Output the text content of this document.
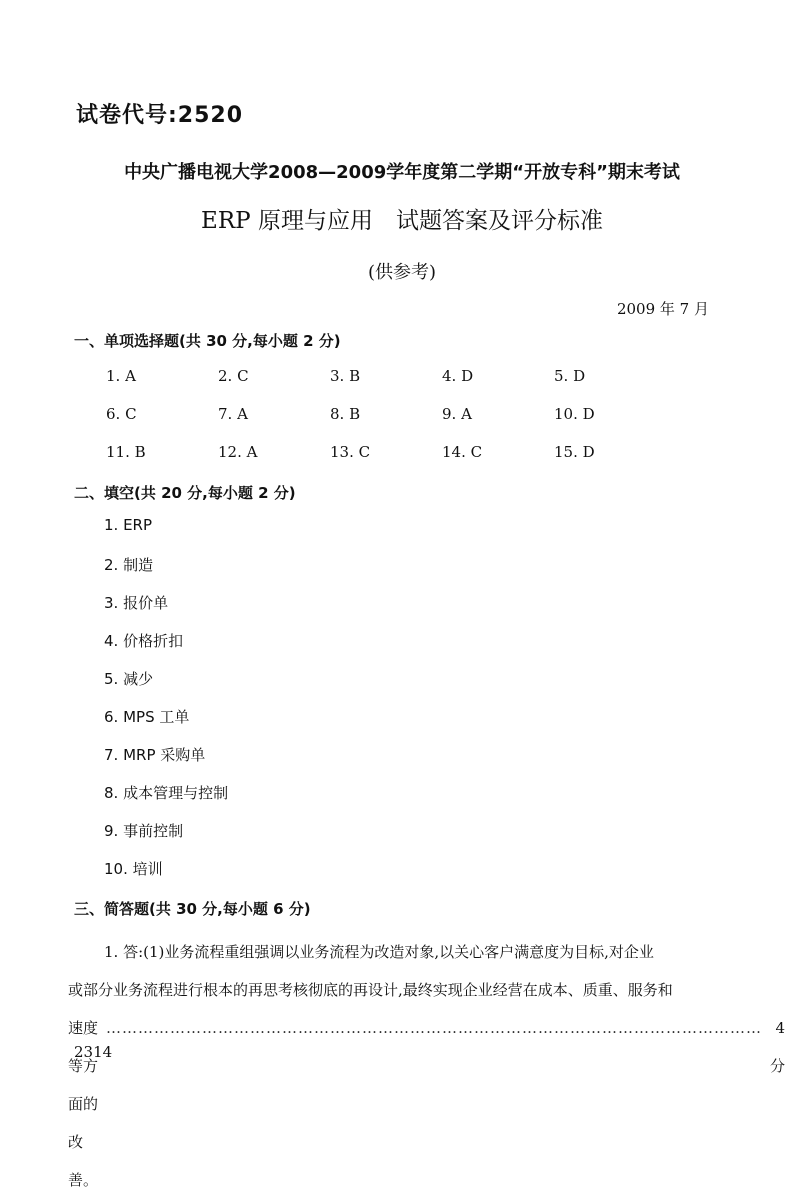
试卷代号:2520
中央广播电视大学2008—2009学年度第二学期“开放专科”期末考试
ERP 原理与应用　试题答案及评分标准
(供参考)
2009 年 7 月
一、单项选择题(共 30 分,每小题 2 分)
1. A	2. C	3. B	4. D	5. D
6. C	7. A	8. B	9. A	10. D
11. B	12. A	13. C	14. C	15. D
二、填空(共 20 分,每小题 2 分)
1. ERP
2. 制造
3. 报价单
4. 价格折扣
5. 减少
6. MPS 工单
7. MRP 采购单
8. 成本管理与控制
9. 事前控制
10. 培训
三、简答题(共 30 分,每小题 6 分)
1. 答:(1)业务流程重组强调以业务流程为改造对象,以关心客户满意度为目标,对企业
或部分业务流程进行根本的再思考核彻底的再设计,最终实现企业经营在成本、质重、服务和
速度等方面的改善。
…………………………………………………………………………………………………………… 4 分
2314
